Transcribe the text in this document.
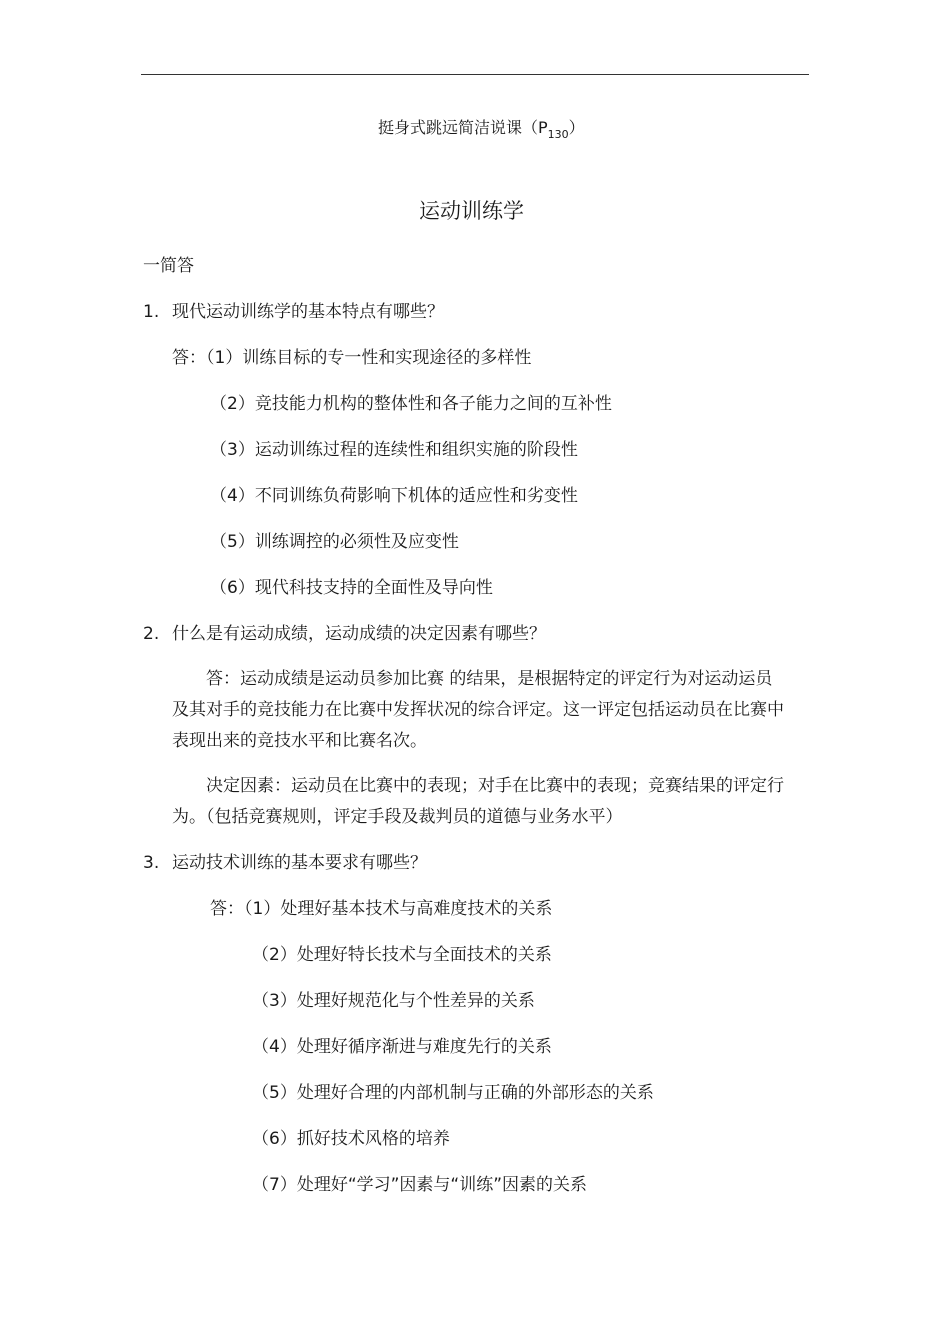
挺身式跳远简洁说课$(P_{130})$
运动训练学
一简答
1. 现代运动训练学的基本特点有哪些？
答：（1）训练目标的专一性和实现途径的多样性
（2）竞技能力机构的整体性和各子能力之间的互补性
（3）运动训练过程的连续性和组织实施的阶段性
（4）不同训练负荷影响下机体的适应性和劣变性
（5）训练调控的必须性及应变性
（6）现代科技支持的全面性及导向性
2. 什么是有运动成绩，运动成绩的决定因素有哪些？
答：运动成绩是运动员参加比赛 的结果，是根据特定的评定行为对运动运员
及其对手的竞技能力在比赛中发挥状况的综合评定。这一评定包括运动员在比赛中
表现出来的竞技水平和比赛名次。
决定因素：运动员在比赛中的表现；对手在比赛中的表现；竞赛结果的评定行
为。（包括竞赛规则，评定手段及裁判员的道德与业务水平）
3. 运动技术训练的基本要求有哪些？
答：（1）处理好基本技术与高难度技术的关系
（2）处理好特长技术与全面技术的关系
（3）处理好规范化与个性差异的关系
（4）处理好循序渐进与难度先行的关系
（5）处理好合理的内部机制与正确的外部形态的关系
（6）抓好技术风格的培养
（7）处理好“学习”因素与“训练”因素的关系
